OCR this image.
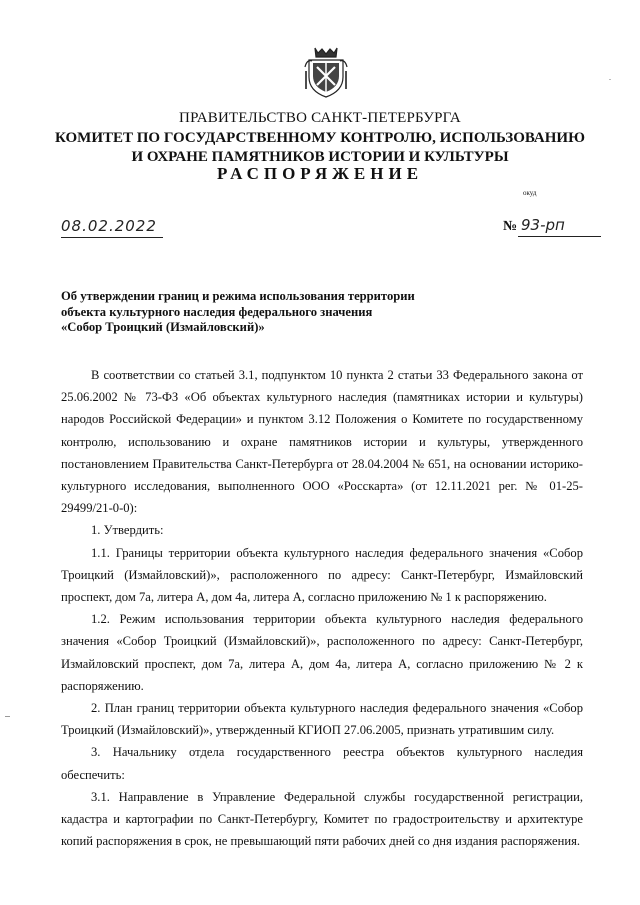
ПРАВИТЕЛЬСТВО САНКТ-ПЕТЕРБУРГА
КОМИТЕТ ПО ГОСУДАРСТВЕННОМУ КОНТРОЛЮ, ИСПОЛЬЗОВАНИЮ
И ОХРАНЕ ПАМЯТНИКОВ ИСТОРИИ И КУЛЬТУРЫ
РАСПОРЯЖЕНИЕ
окуд
08.02.2022	№ 93-рп
Об утверждении границ и режима использования территории
объекта культурного наследия федерального значения
«Собор Троицкий (Измайловский)»

В соответствии со статьей 3.1, подпунктом 10 пункта 2 статьи 33 Федерального закона от 25.06.2002 № 73-ФЗ «Об объектах культурного наследия (памятниках истории и культуры) народов Российской Федерации» и пунктом 3.12 Положения о Комитете по государственному контролю, использованию и охране памятников истории и культуры, утвержденного постановлением Правительства Санкт-Петербурга от 28.04.2004 № 651, на основании историко-культурного исследования, выполненного ООО «Росскарта» (от 12.11.2021 рег. № 01-25-29499/21-0-0):

1. Утвердить:

1.1. Границы территории объекта культурного наследия федерального значения «Собор Троицкий (Измайловский)», расположенного по адресу: Санкт-Петербург, Измайловский проспект, дом 7а, литера А, дом 4а, литера А, согласно приложению № 1 к распоряжению.

1.2. Режим использования территории объекта культурного наследия федерального значения «Собор Троицкий (Измайловский)», расположенного по адресу: Санкт-Петербург, Измайловский проспект, дом 7а, литера А, дом 4а, литера А, согласно приложению № 2 к распоряжению.

2. План границ территории объекта культурного наследия федерального значения «Собор Троицкий (Измайловский)», утвержденный КГИОП 27.06.2005, признать утратившим силу.

3. Начальнику отдела государственного реестра объектов культурного наследия обеспечить:

3.1. Направление в Управление Федеральной службы государственной регистрации, кадастра и картографии по Санкт-Петербургу, Комитет по градостроительству и архитектуре копий распоряжения в срок, не превышающий пяти рабочих дней со дня издания распоряжения.
